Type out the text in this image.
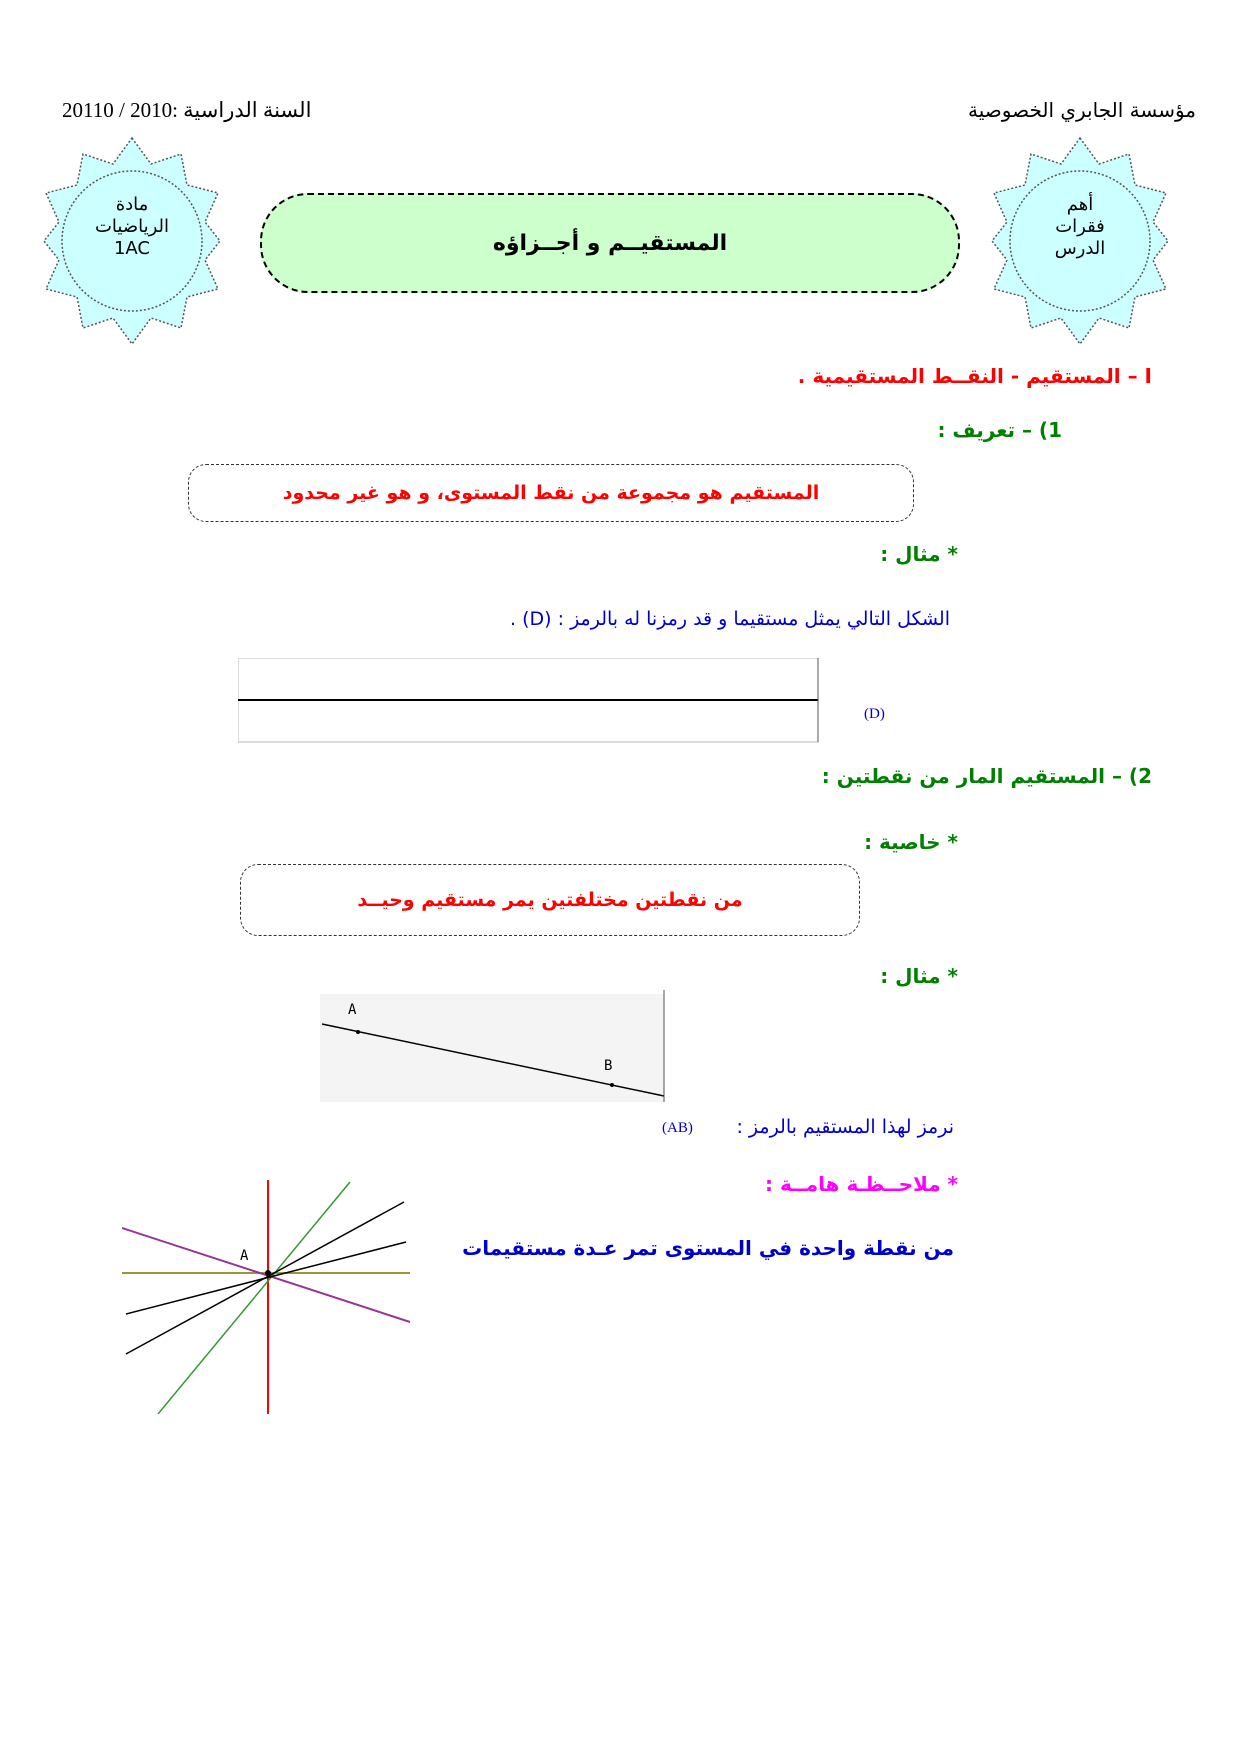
مؤسسة الجابري الخصوصية
السنة الدراسية :2010 / 20110
مادة
الرياضيات
1AC
أهم
فقرات
الدرس
المستقيــم و أجــزاؤه
I – المستقيم - النقــط المستقيمية .
1) – تعريف :
المستقيم هو مجموعة من نقط المستوى، و هو غير محدود
* مثال :
الشكل التالي يمثل مستقيما و قد رمزنا له بالرمز : (D) .
(D)
2) – المستقيم المار من نقطتين :
* خاصية :
من نقطتين مختلفتين يمر مستقيم وحيــد
* مثال :
A
B
نرمز لهذا المستقيم بالرمز :
(AB)
* ملاحــظـة هامــة :
من نقطة واحدة في المستوى تمر عـدة مستقيمات
A
